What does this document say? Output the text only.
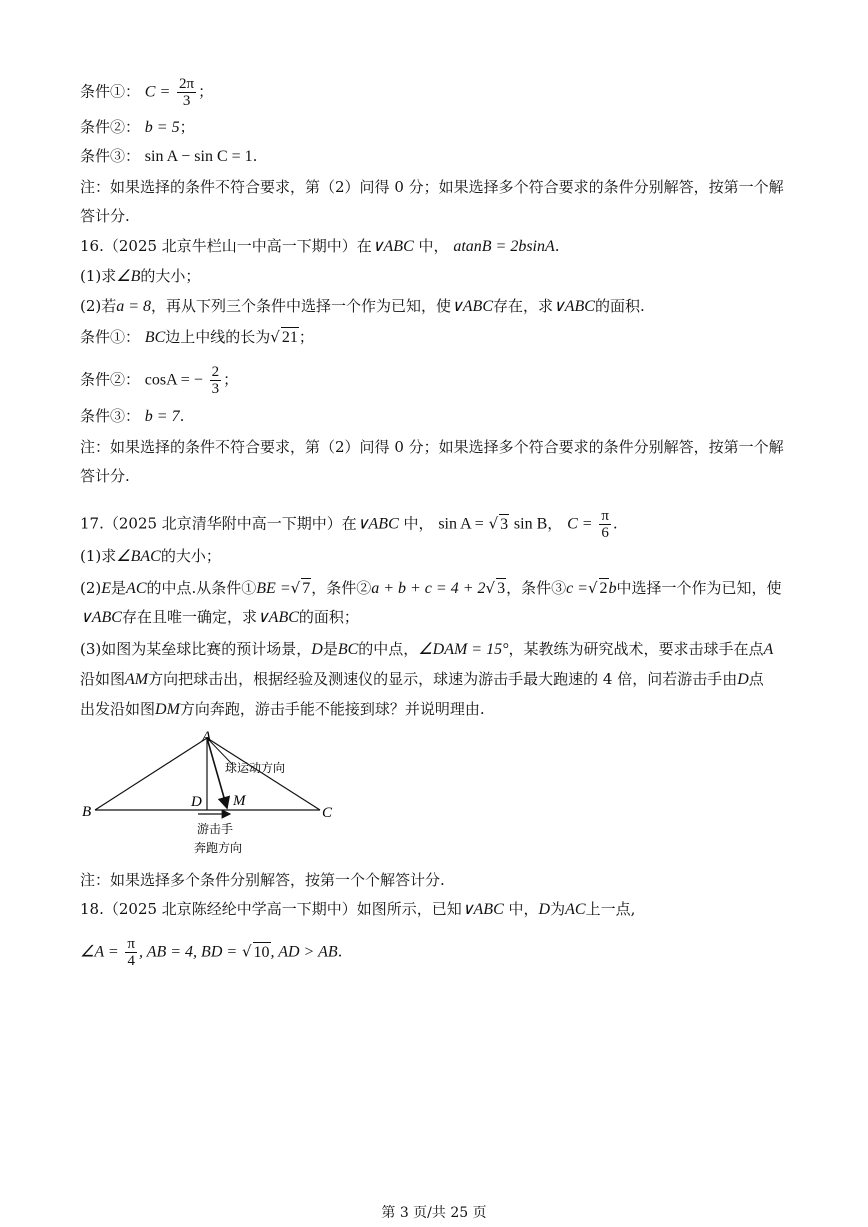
条件①： $C = \frac{2\pi}{3}$ ；
条件②： b = 5；
条件③： sin A − sin C = 1.
注：如果选择的条件不符合要求，第（2）问得 0 分；如果选择多个符合要求的条件分别解答，按第一个解
答计分.
16.（2025 北京牛栏山一中高一下期中）在∨ABC 中， atanB = 2bsinA.
(1)求∠B的大小；
(2)若a = 8，再从下列三个条件中选择一个作为已知，使∨ABC存在，求∨ABC的面积.
条件①： BC边上中线的长为√ 21；
条件②： cosA = − $\frac{2}{3}$ ；
条件③： b = 7.
注：如果选择的条件不符合要求，第（2）问得 0 分；如果选择多个符合要求的条件分别解答，按第一个解
答计分.
17.（2025 北京清华附中高一下期中）在∨ABC 中， sin A = √ 3 sin B， $C = \frac{\pi}{6}$ .
(1)求∠BAC的大小；
(2)E是AC的中点.从条件①BE =√ 7，条件②a + b + c = 4 + 2√ 3，条件③c =√ 2b中选择一个作为已知，使
∨ABC存在且唯一确定，求∨ABC的面积；
(3)如图为某垒球比赛的预计场景，D是BC的中点，∠DAM = 15°，某教练为研究战术，要求击球手在点A
沿如图AM方向把球击出，根据经验及测速仪的显示，球速为游击手最大跑速的 4 倍，问若游击手由D点
出发沿如图DM方向奔跑，游击手能不能接到球？并说明理由.
A
B	C
D M
球运动方向
游击手
奔跑方向
注：如果选择多个条件分别解答，按第一个个解答计分.
18.（2025 北京陈经纶中学高一下期中）如图所示，已知∨ABC 中，D为AC上一点,
∠A = $\frac{\pi}{4}$ , AB = 4, BD = √ 10, AD > AB.
第 3 页/共 25 页
